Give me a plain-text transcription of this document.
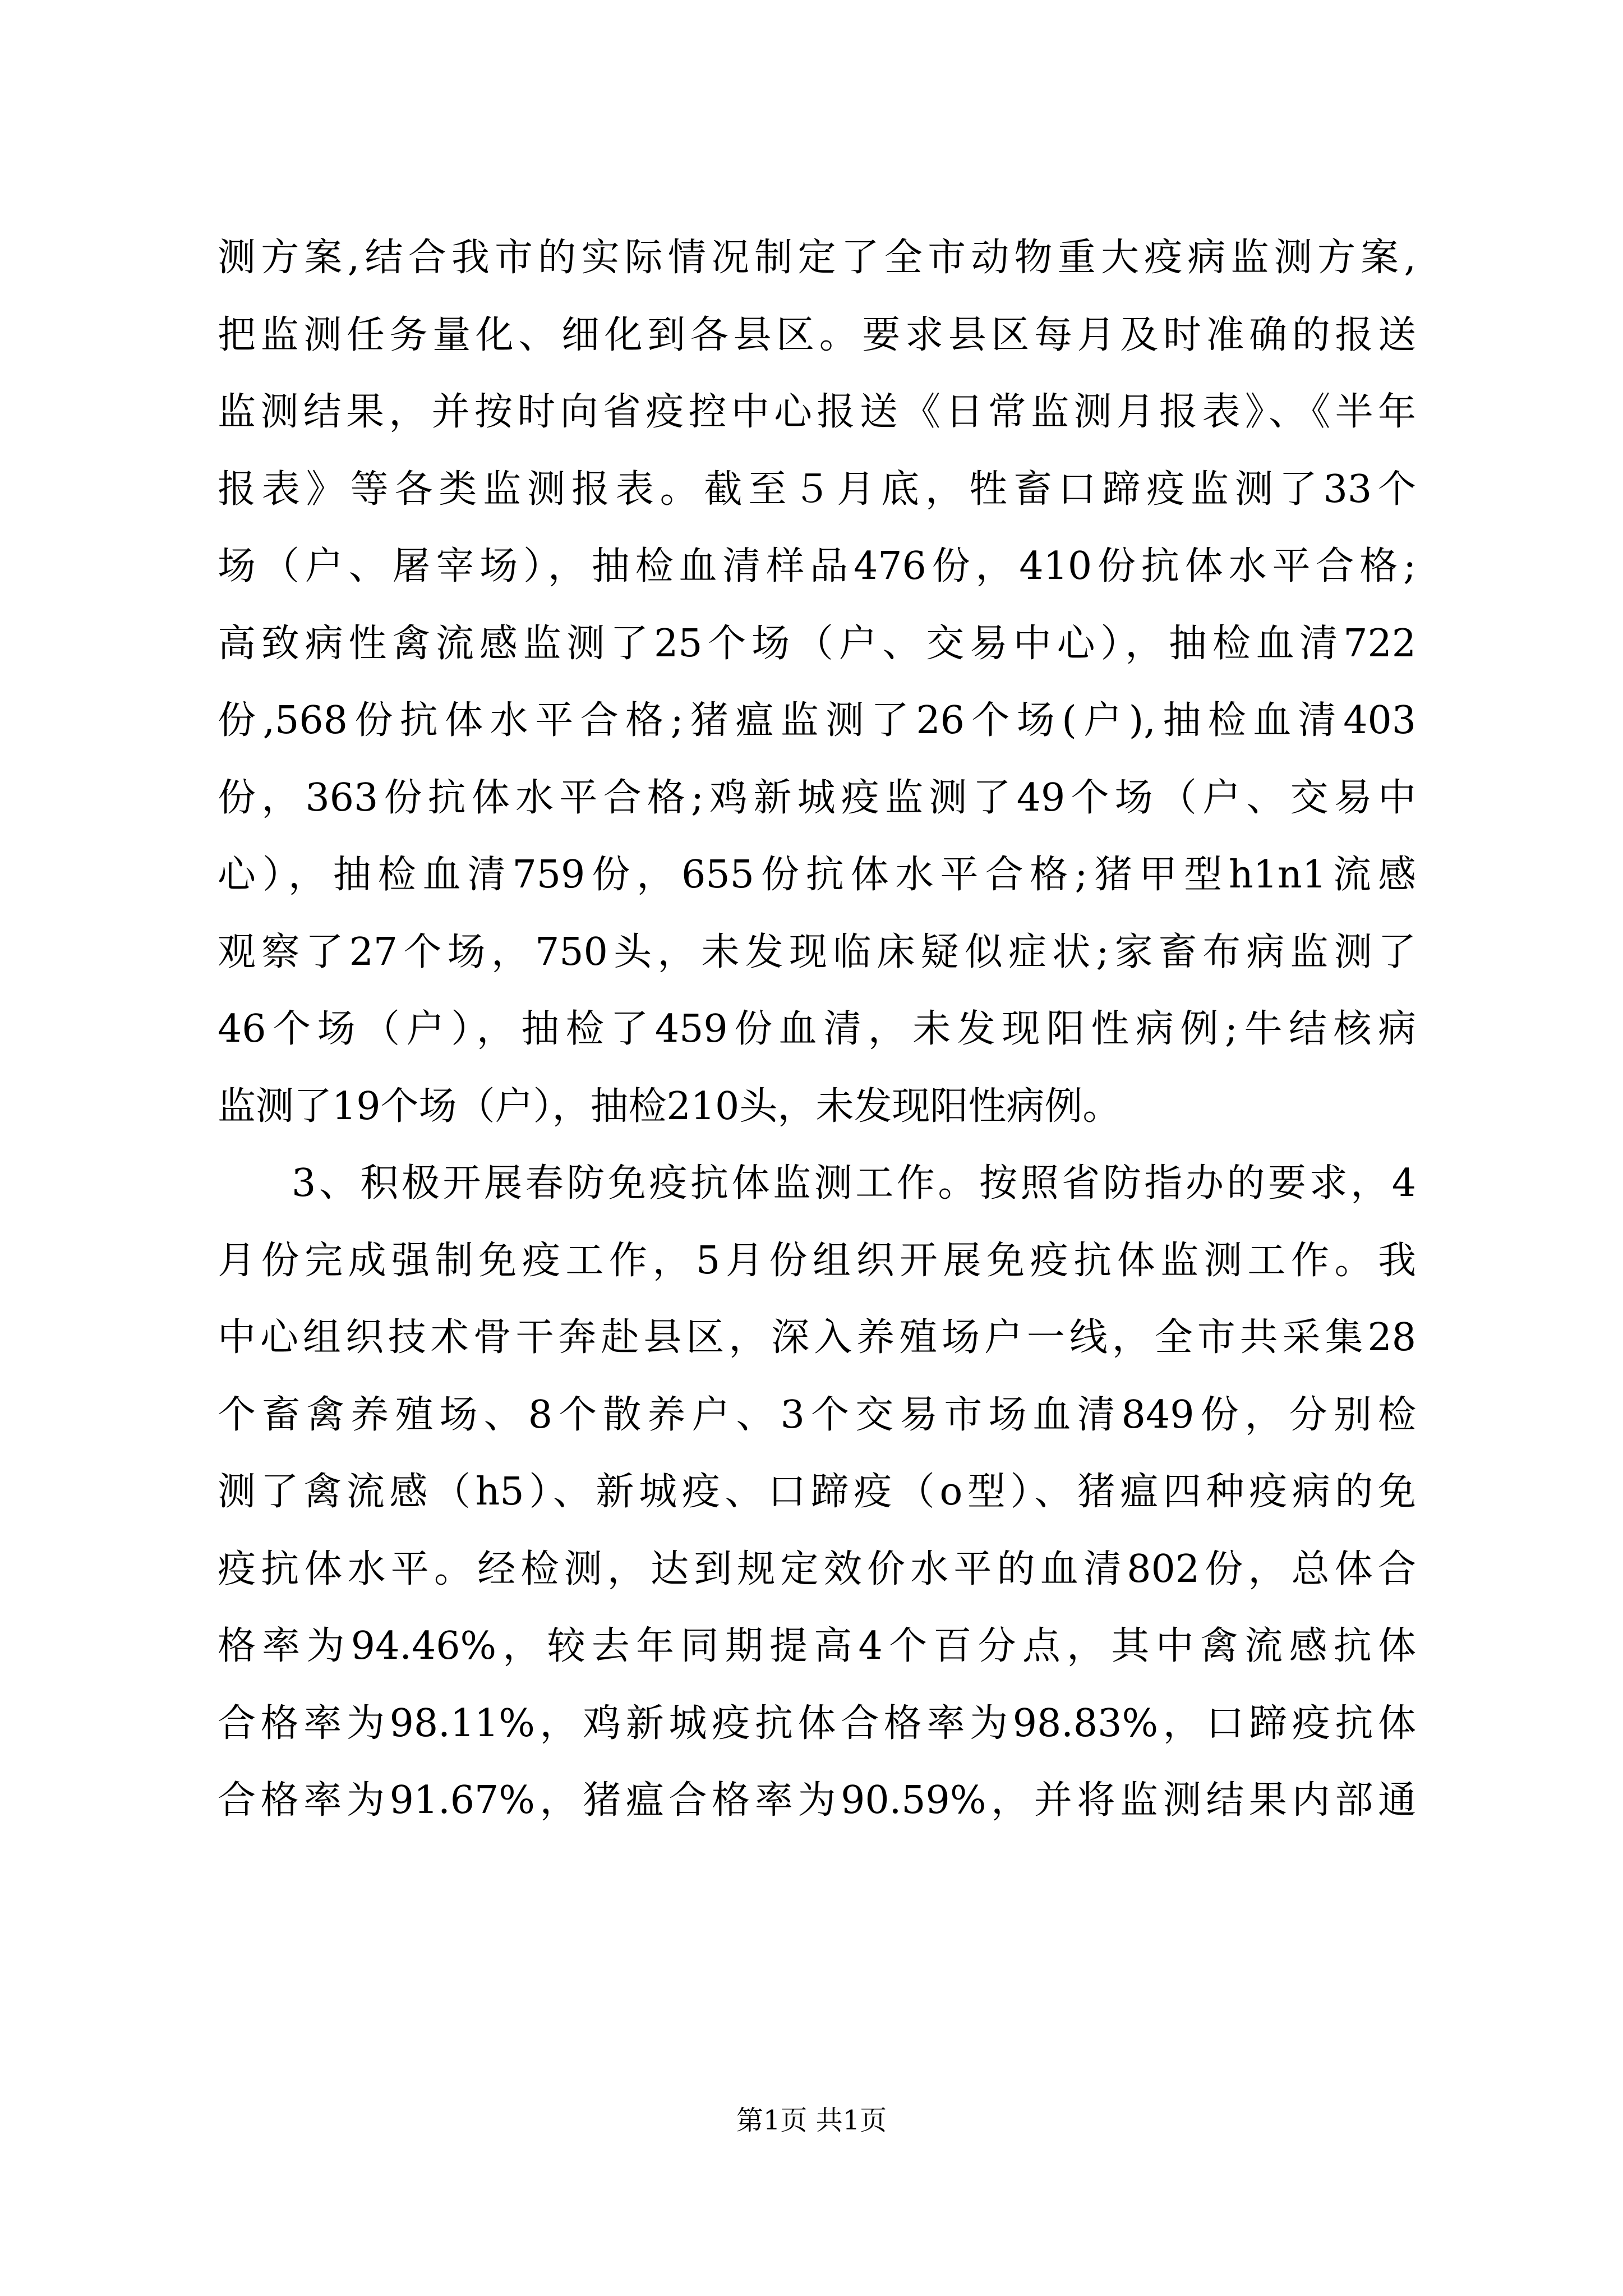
测方案,结合我市的实际情况制定了全市动物重大疫病监测方案,
把监测任务量化、细化到各县区。要求县区每月及时准确的报送
监测结果，并按时向省疫控中心报送《日常监测月报表》、《半年
报表》等各类监测报表。截至５月底，牲畜口蹄疫监测了33个
场（户、屠宰场），抽检血清样品476份，410份抗体水平合格;
高致病性禽流感监测了25个场（户、交易中心），抽检血清722
份,568份抗体水平合格;猪瘟监测了26个场(户),抽检血清403
份，363份抗体水平合格;鸡新城疫监测了49个场（户、交易中
心），抽检血清759份，655份抗体水平合格;猪甲型h1n1流感
观察了27个场，750头，未发现临床疑似症状;家畜布病监测了
46个场（户），抽检了459份血清，未发现阳性病例;牛结核病
监测了19个场（户），抽检210头，未发现阳性病例。
3、积极开展春防免疫抗体监测工作。按照省防指办的要求，4
月份完成强制免疫工作，5月份组织开展免疫抗体监测工作。我
中心组织技术骨干奔赴县区，深入养殖场户一线，全市共采集28
个畜禽养殖场、8个散养户、3个交易市场血清849份，分别检
测了禽流感（h5）、新城疫、口蹄疫（o型）、猪瘟四种疫病的免
疫抗体水平。经检测，达到规定效价水平的血清802份，总体合
格率为94.46%，较去年同期提高4个百分点，其中禽流感抗体
合格率为98.11%，鸡新城疫抗体合格率为98.83%，口蹄疫抗体
合格率为91.67%，猪瘟合格率为90.59%，并将监测结果内部通
第1页 共1页
